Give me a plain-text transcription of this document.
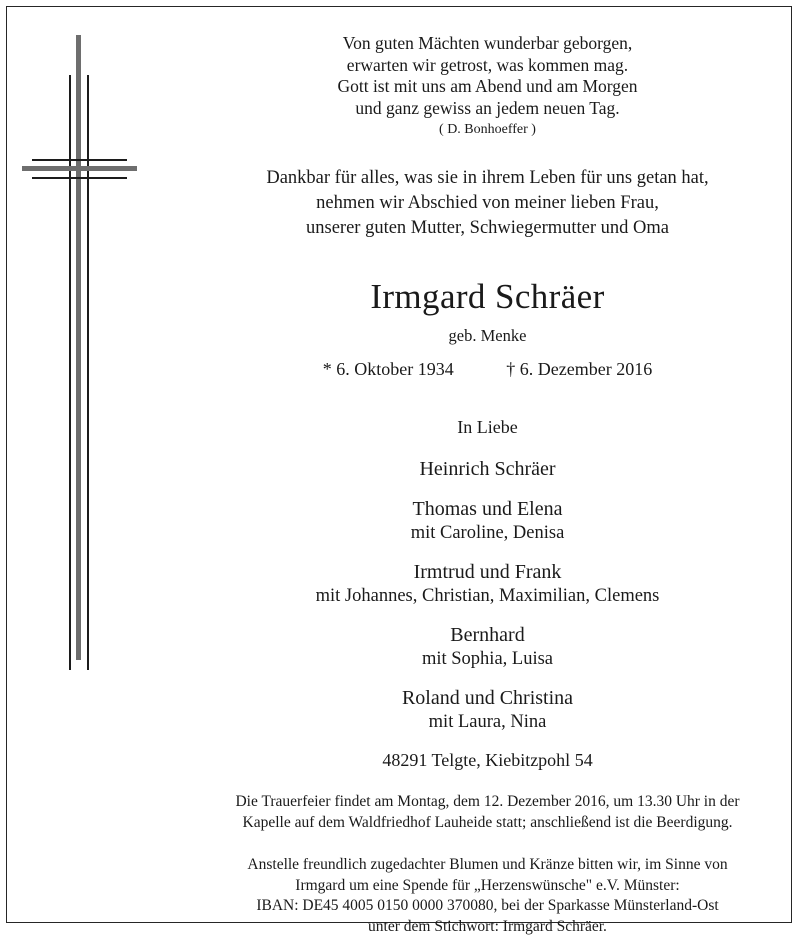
Von guten Mächten wunderbar geborgen,
erwarten wir getrost, was kommen mag.
Gott ist mit uns am Abend und am Morgen
und ganz gewiss an jedem neuen Tag.
( D. Bonhoeffer )
Dankbar für alles, was sie in ihrem Leben für uns getan hat,
nehmen wir Abschied von meiner lieben Frau,
unserer guten Mutter, Schwiegermutter und Oma
Irmgard Schräer
geb. Menke
* 6. Oktober 1934	† 6. Dezember 2016
In Liebe
Heinrich Schräer
Thomas und Elena
mit Caroline, Denisa
Irmtrud und Frank
mit Johannes, Christian, Maximilian, Clemens
Bernhard
mit Sophia, Luisa
Roland und Christina
mit Laura, Nina
48291 Telgte, Kiebitzpohl 54
Die Trauerfeier findet am Montag, dem 12. Dezember 2016, um 13.30 Uhr in der
Kapelle auf dem Waldfriedhof Lauheide statt; anschließend ist die Beerdigung.
Anstelle freundlich zugedachter Blumen und Kränze bitten wir, im Sinne von
Irmgard um eine Spende für „Herzenswünsche" e.V. Münster:
IBAN: DE45 4005 0150 0000 370080, bei der Sparkasse Münsterland-Ost
unter dem Stichwort: Irmgard Schräer.
